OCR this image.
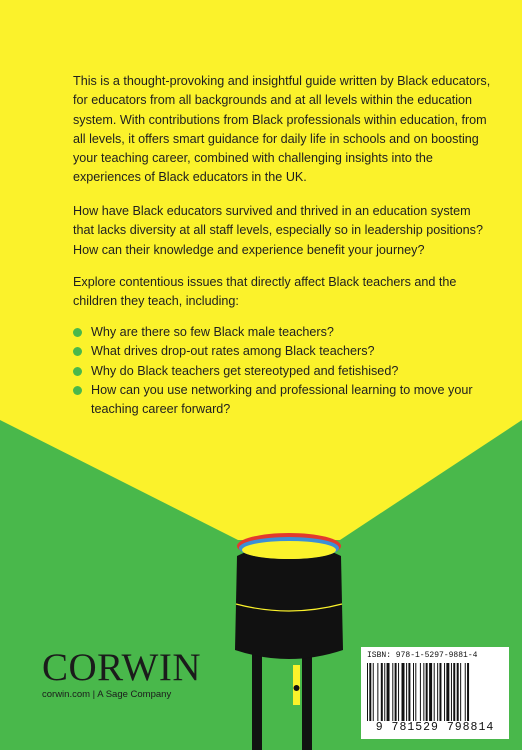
This is a thought-provoking and insightful guide written by Black educators, for educators from all backgrounds and at all levels within the education system. With contributions from Black professionals within education, from all levels, it offers smart guidance for daily life in schools and on boosting your teaching career, combined with challenging insights into the experiences of Black educators in the UK.
How have Black educators survived and thrived in an education system that lacks diversity at all staff levels, especially so in leadership positions? How can their knowledge and experience benefit your journey?
Explore contentious issues that directly affect Black teachers and the children they teach, including:
Why are there so few Black male teachers?
What drives drop-out rates among Black teachers?
Why do Black teachers get stereotyped and fetishised?
How can you use networking and professional learning to move your teaching career forward?
CORWIN
corwin.com | A Sage Company
ISBN: 978-1-5297-9881-4
9 781529 798814
